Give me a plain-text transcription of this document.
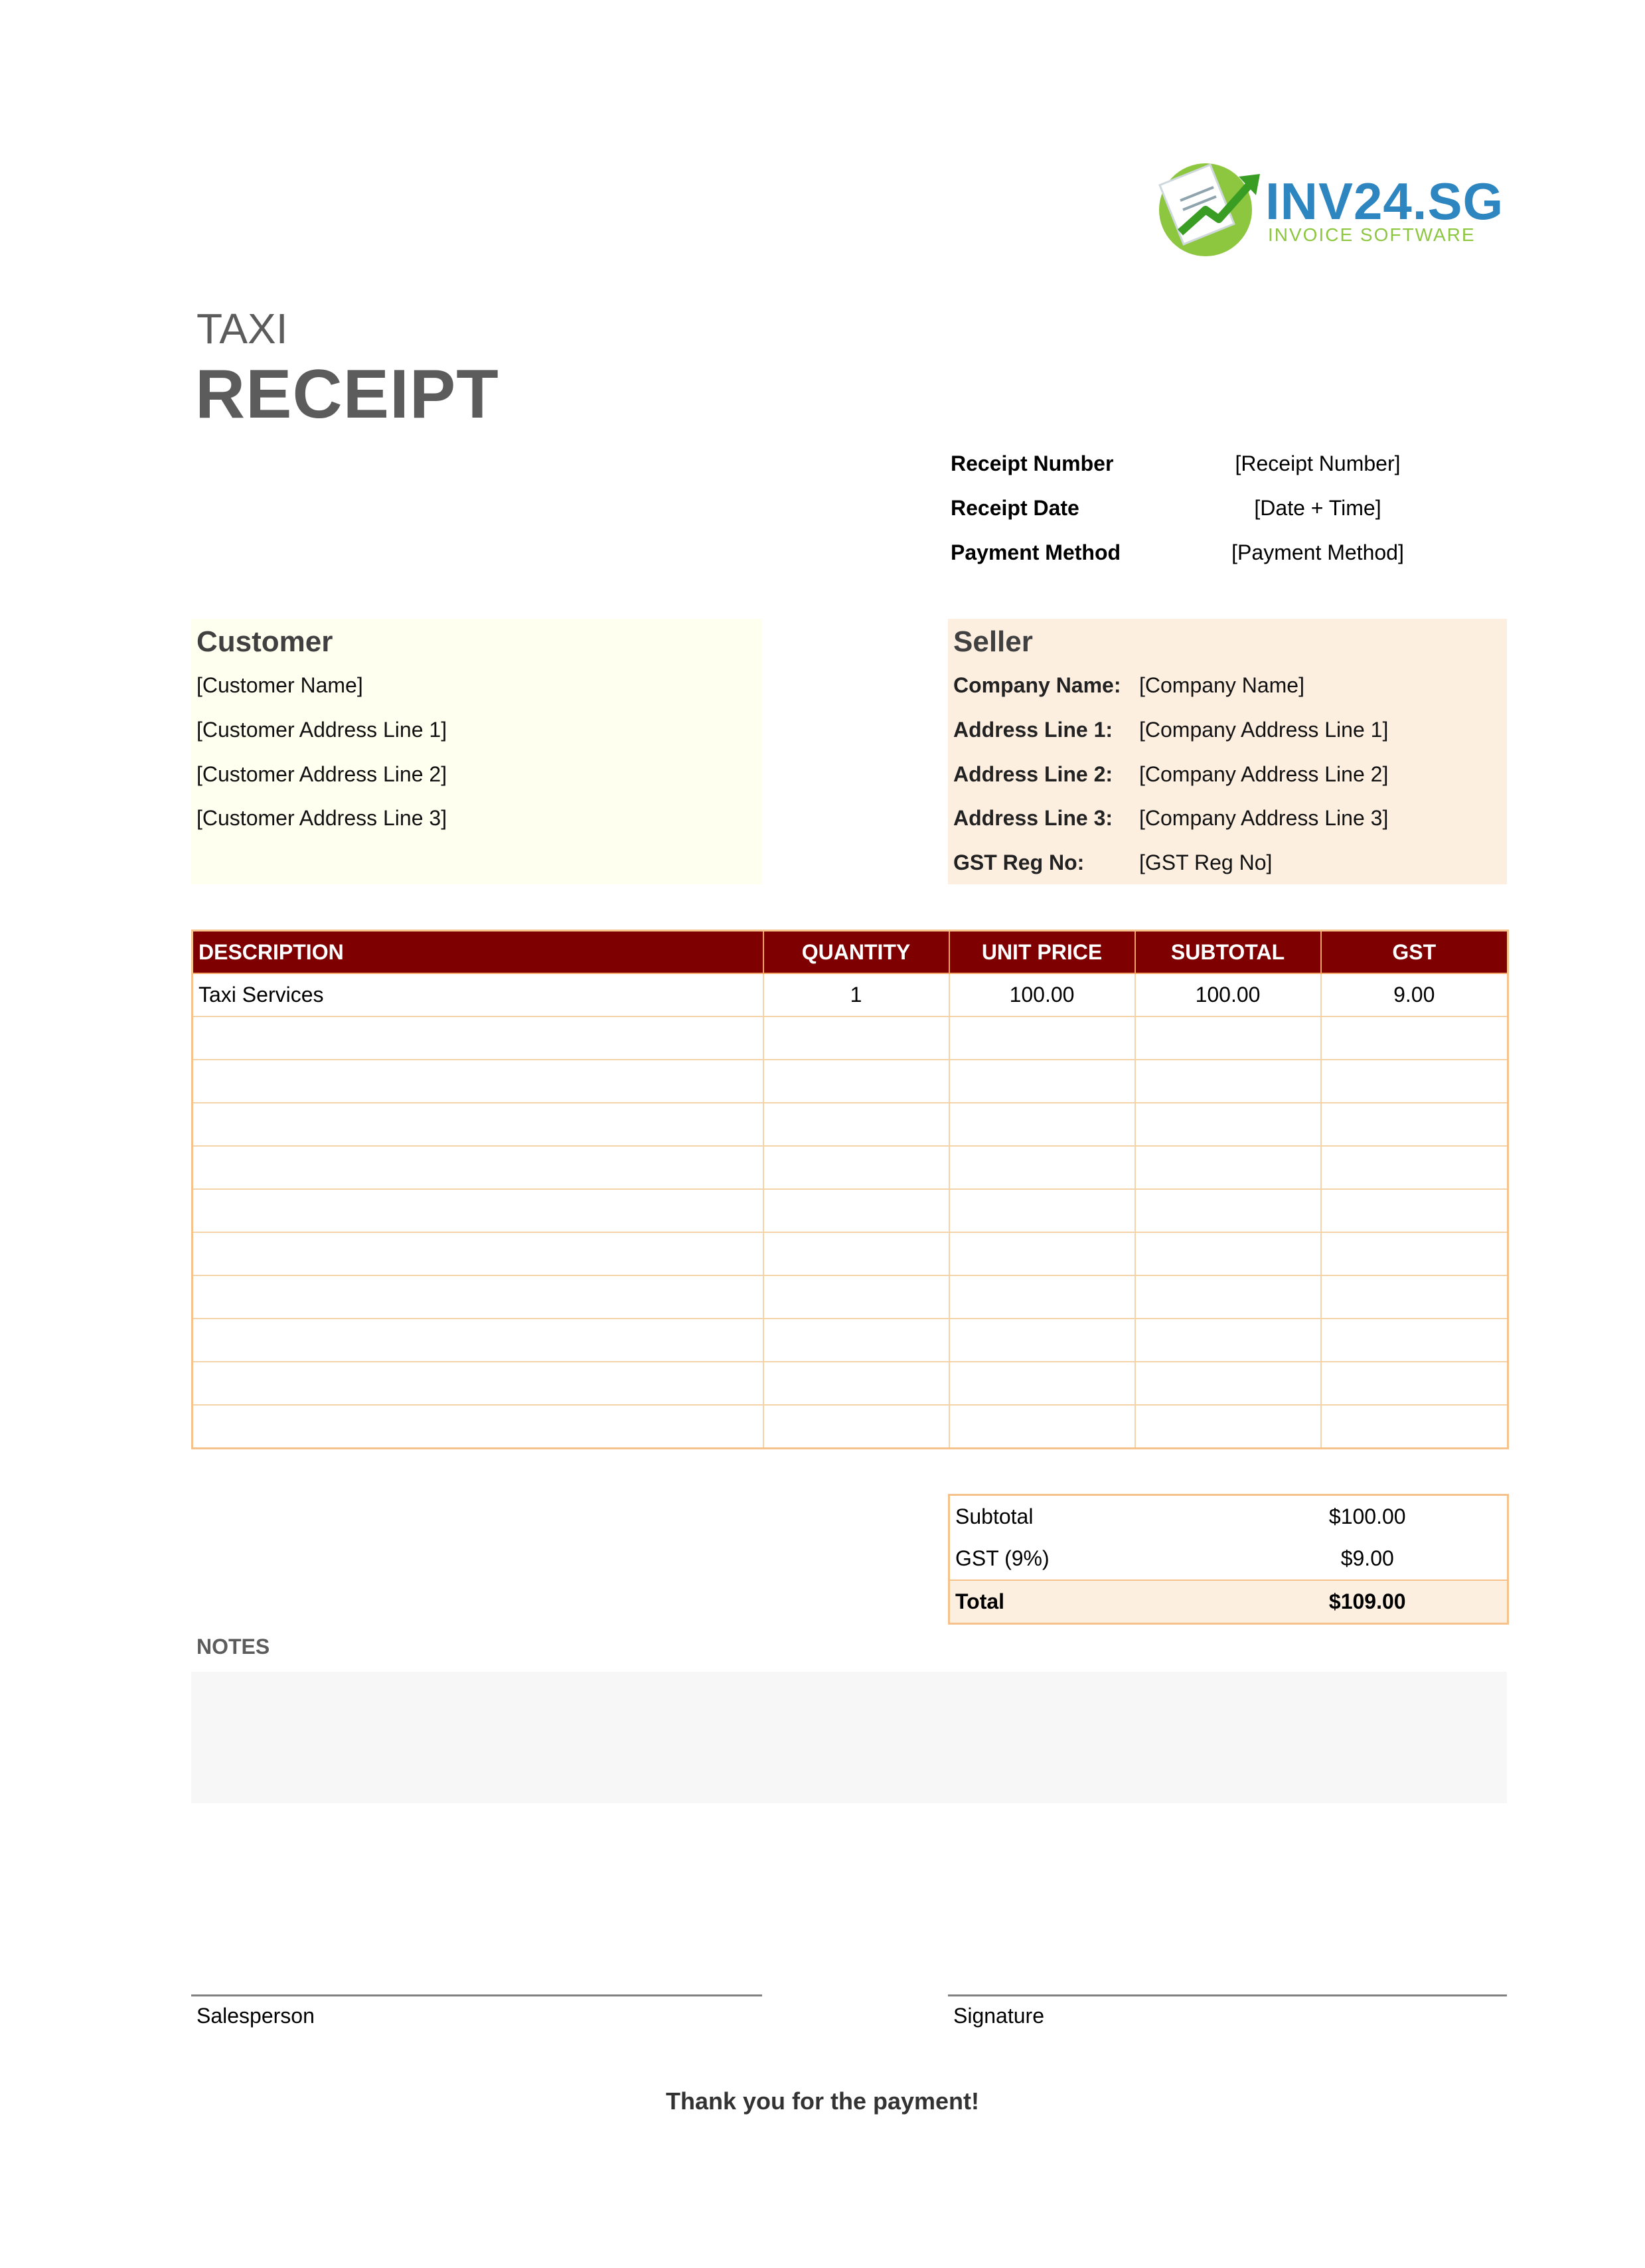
INV24.SG
INVOICE SOFTWARE
TAXI
RECEIPT
Receipt Number	[Receipt Number]
Receipt Date	[Date + Time]
Payment Method	[Payment Method]
Customer
[Customer Name]
[Customer Address Line 1]
[Customer Address Line 2]
[Customer Address Line 3]
Seller
Company Name: [Company Name]
Address Line 1: [Company Address Line 1]
Address Line 2: [Company Address Line 2]
Address Line 3: [Company Address Line 3]
GST Reg No:	[GST Reg No]
DESCRIPTION	QUANTITY	UNIT PRICE	SUBTOTAL	GST
Taxi Services	1	100.00	100.00	9.00

Subtotal	$100.00
GST (9%)	$9.00
Total	$109.00
NOTES
Salesperson	Signature
Thank you for the payment!
